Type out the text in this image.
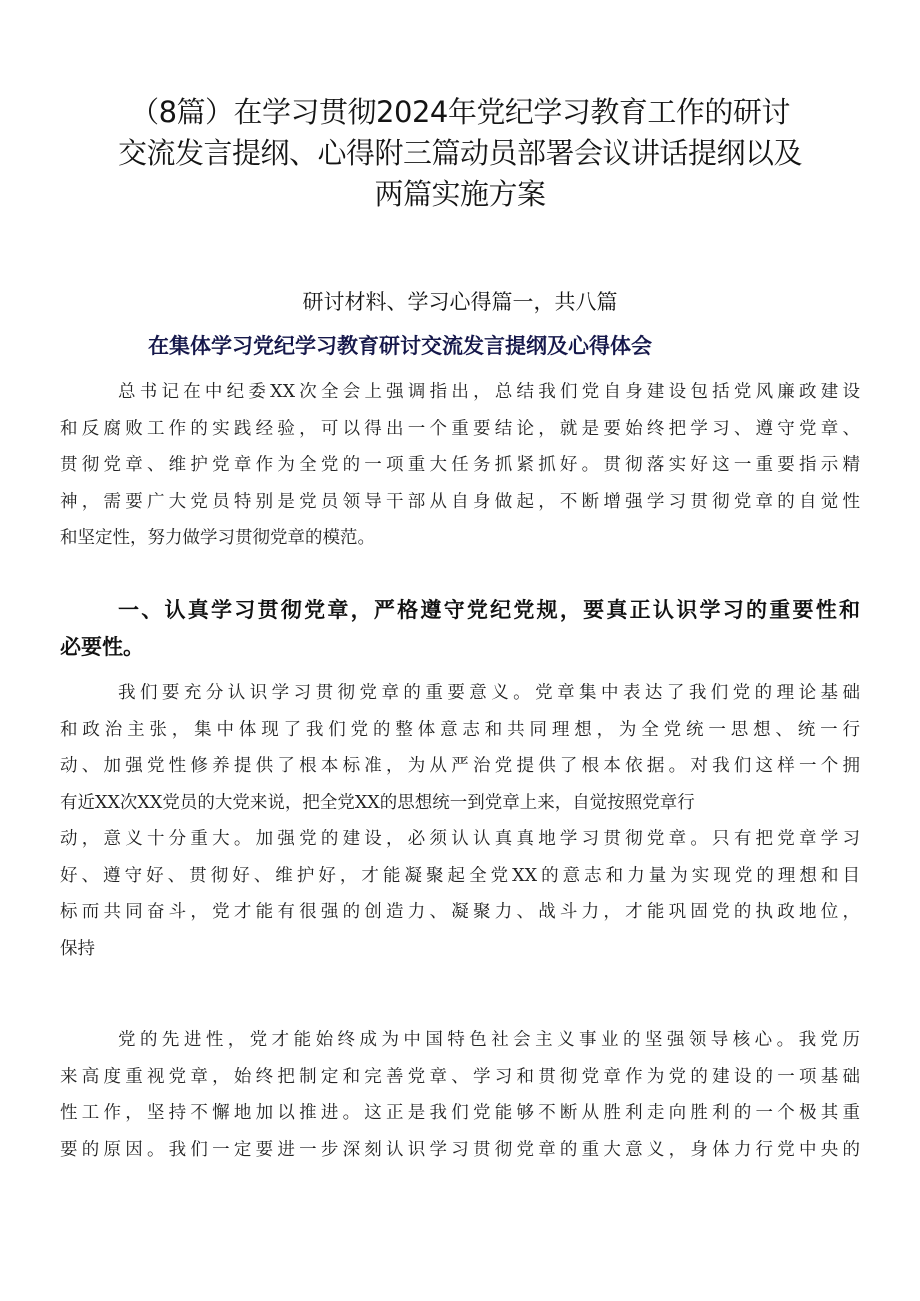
（8篇）在学习贯彻2024年党纪学习教育工作的研讨
交流发言提纲、心得附三篇动员部署会议讲话提纲以及
两篇实施方案
研讨材料、学习心得篇一，共八篇
在集体学习党纪学习教育研讨交流发言提纲及心得体会
总书记在中纪委XX次全会上强调指出，总结我们党自身建设包括党风廉政建设
和反腐败工作的实践经验，可以得出一个重要结论，就是要始终把学习、遵守党章、
贯彻党章、维护党章作为全党的一项重大任务抓紧抓好。贯彻落实好这一重要指示精
神，需要广大党员特别是党员领导干部从自身做起，不断增强学习贯彻党章的自觉性
和坚定性，努力做学习贯彻党章的模范。
一、认真学习贯彻党章，严格遵守党纪党规，要真正认识学习的重要性和
必要性。
我们要充分认识学习贯彻党章的重要意义。党章集中表达了我们党的理论基础
和政治主张，集中体现了我们党的整体意志和共同理想，为全党统一思想、统一行
动、加强党性修养提供了根本标准，为从严治党提供了根本依据。对我们这样一个拥
有近XX次XX党员的大党来说，把全党XX的思想统一到党章上来，自觉按照党章行
动，意义十分重大。加强党的建设，必须认认真真地学习贯彻党章。只有把党章学习
好、遵守好、贯彻好、维护好，才能凝聚起全党XX的意志和力量为实现党的理想和目
标而共同奋斗，党才能有很强的创造力、凝聚力、战斗力，才能巩固党的执政地位，
保持
党的先进性，党才能始终成为中国特色社会主义事业的坚强领导核心。我党历
来高度重视党章，始终把制定和完善党章、学习和贯彻党章作为党的建设的一项基础
性工作，坚持不懈地加以推进。这正是我们党能够不断从胜利走向胜利的一个极其重
要的原因。我们一定要进一步深刻认识学习贯彻党章的重大意义，身体力行党中央的
